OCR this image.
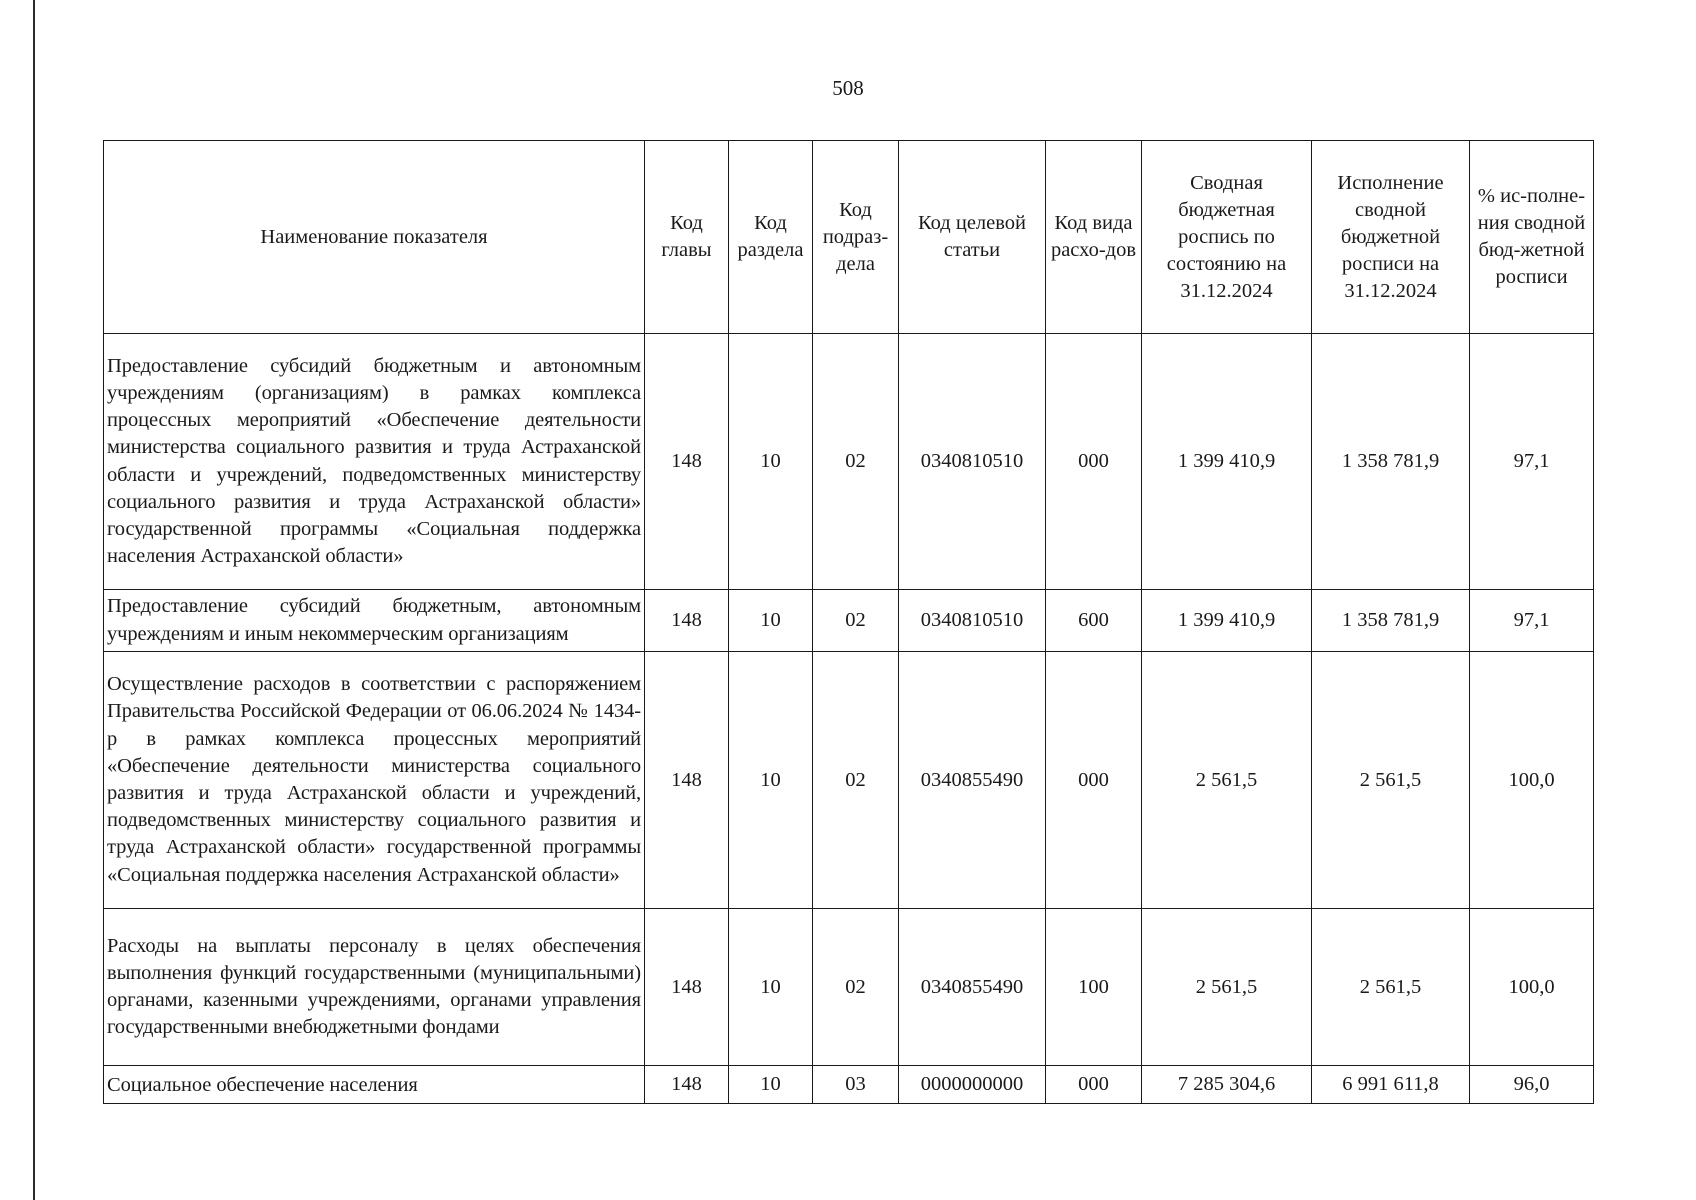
508
Наименование показателя	Код главы	Код раздела	Код подраз-дела	Код целевой статьи	Код вида расхо-дов	Сводная бюджетная роспись по состоянию на 31.12.2024	Исполнение сводной бюджетной росписи на 31.12.2024	% ис-полне-ния сводной бюд-жетной росписи
Предоставление субсидий бюджетным и автономным учреждениям (организациям) в рамках комплекса процессных мероприятий «Обеспечение деятельности министерства социального развития и труда Астраханской области и учреждений, подведомственных министерству социального развития и труда Астраханской области» государственной программы «Социальная поддержка населения Астраханской области»	148	10	02	0340810510	000	1 399 410,9	1 358 781,9	97,1
Предоставление субсидий бюджетным, автономным учреждениям и иным некоммерческим организациям	148	10	02	0340810510	600	1 399 410,9	1 358 781,9	97,1
Осуществление расходов в соответствии с распоряжением Правительства Российской Федерации от 06.06.2024 № 1434-р в рамках комплекса процессных мероприятий «Обеспечение деятельности министерства социального развития и труда Астраханской области и учреждений, подведомственных министерству социального развития и труда Астраханской области» государственной программы «Социальная поддержка населения Астраханской области»	148	10	02	0340855490	000	2 561,5	2 561,5	100,0
Расходы на выплаты персоналу в целях обеспечения выполнения функций государственными (муниципальными) органами, казенными учреждениями, органами управления государственными внебюджетными фондами	148	10	02	0340855490	100	2 561,5	2 561,5	100,0
Социальное обеспечение населения	148	10	03	0000000000	000	7 285 304,6	6 991 611,8	96,0
